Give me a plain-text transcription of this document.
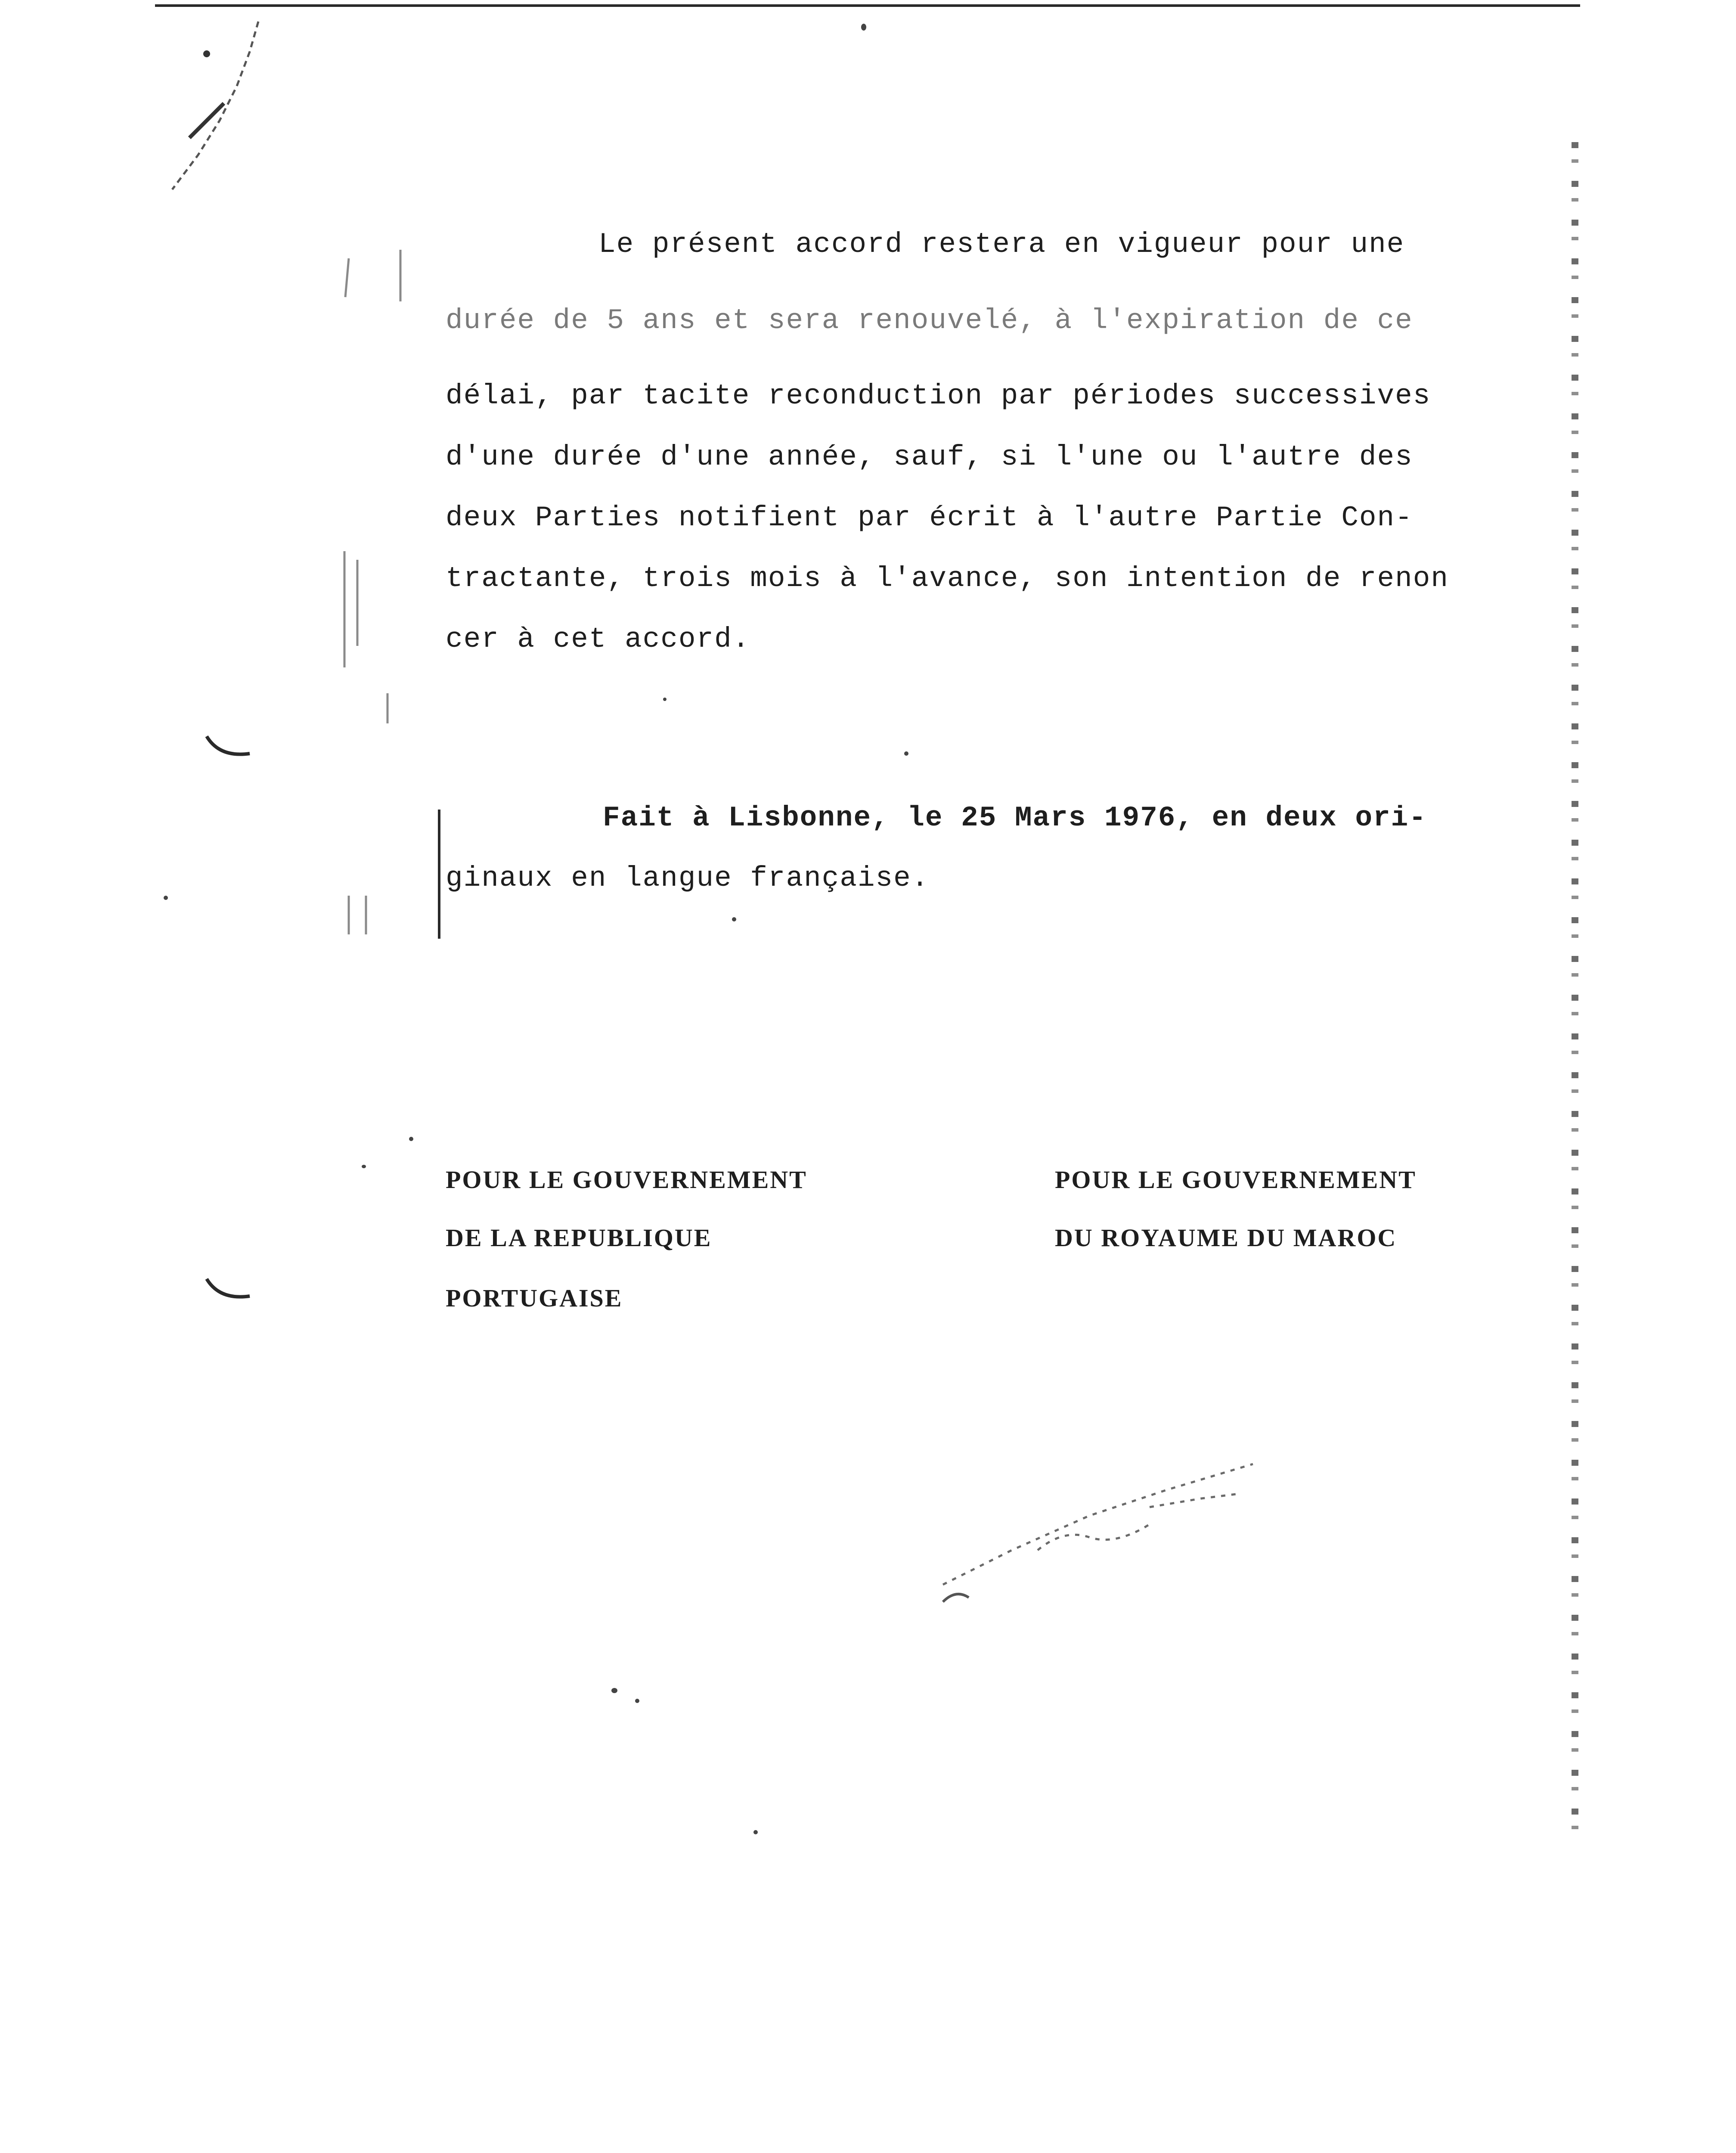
Le présent accord restera en vigueur pour une

durée de 5 ans et sera renouvelé, à l'expiration de ce

délai, par tacite reconduction par périodes successives

d'une durée d'une année, sauf, si l'une ou l'autre des

deux Parties notifient par écrit à l'autre Partie Con-

tractante, trois mois à l'avance, son intention de renon

cer à cet accord.

Fait à Lisbonne, le 25 Mars 1976, en deux ori-

ginaux en langue française.

POUR LE GOUVERNEMENT

DE LA REPUBLIQUE

PORTUGAISE

POUR LE GOUVERNEMENT

DU ROYAUME DU MAROC
